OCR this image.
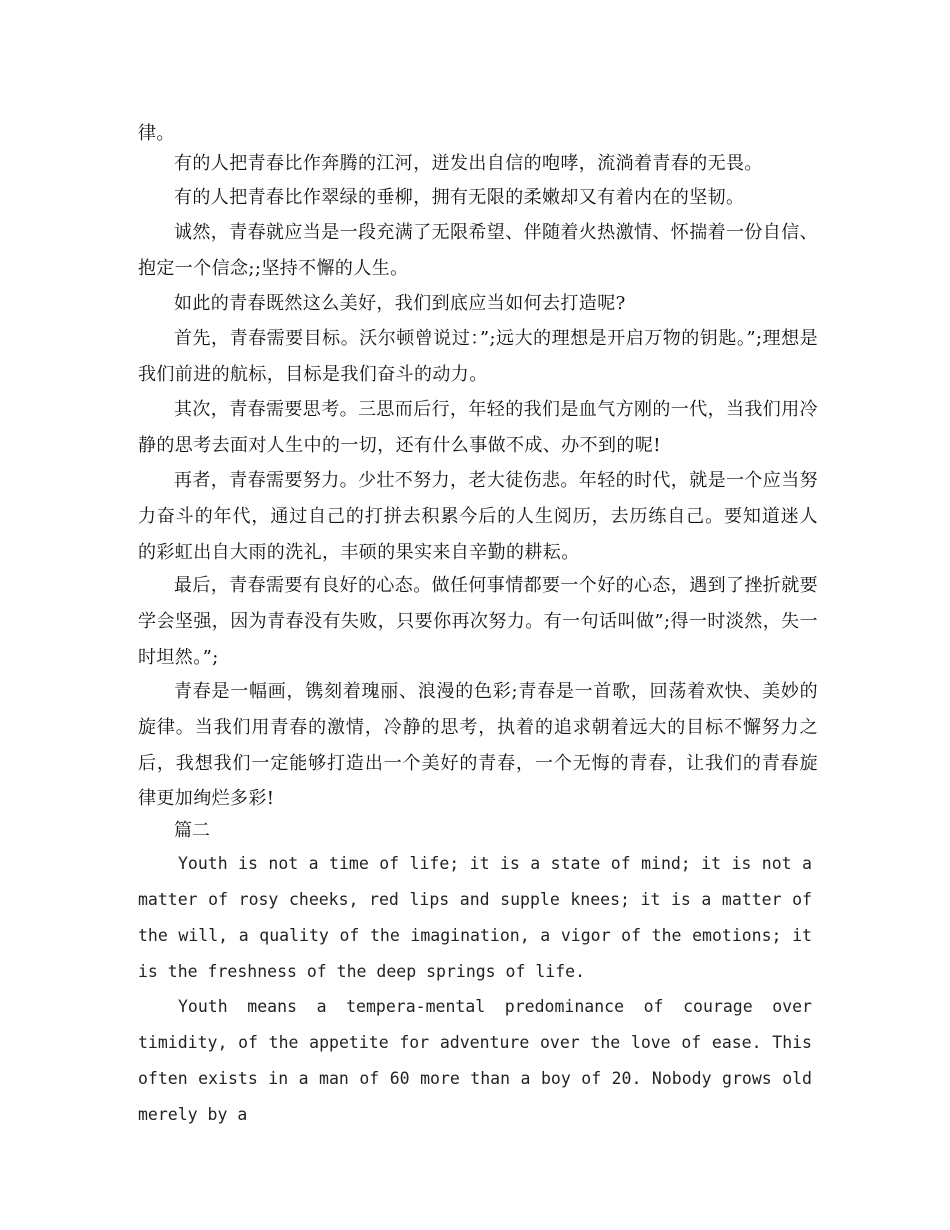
律。

有的人把青春比作奔腾的江河，迸发出自信的咆哮，流淌着青春的无畏。

有的人把青春比作翠绿的垂柳，拥有无限的柔嫩却又有着内在的坚韧。

诚然，青春就应当是一段充满了无限希望、伴随着火热激情、怀揣着一份自信、抱定一个信念;;坚持不懈的人生。

如此的青春既然这么美好，我们到底应当如何去打造呢?

首先，青春需要目标。沃尔顿曾说过：”;远大的理想是开启万物的钥匙。”;理想是我们前进的航标，目标是我们奋斗的动力。

其次，青春需要思考。三思而后行，年轻的我们是血气方刚的一代，当我们用冷静的思考去面对人生中的一切，还有什么事做不成、办不到的呢!

再者，青春需要努力。少壮不努力，老大徒伤悲。年轻的时代，就是一个应当努力奋斗的年代，通过自己的打拼去积累今后的人生阅历，去历练自己。要知道迷人的彩虹出自大雨的洗礼，丰硕的果实来自辛勤的耕耘。

最后，青春需要有良好的心态。做任何事情都要一个好的心态，遇到了挫折就要学会坚强，因为青春没有失败，只要你再次努力。有一句话叫做”;得一时淡然，失一时坦然。”;

青春是一幅画，镌刻着瑰丽、浪漫的色彩;青春是一首歌，回荡着欢快、美妙的旋律。当我们用青春的激情，冷静的思考，执着的追求朝着远大的目标不懈努力之后，我想我们一定能够打造出一个美好的青春，一个无悔的青春，让我们的青春旋律更加绚烂多彩!

篇二

Youth is not a time of life; it is a state of mind; it is not a matter of rosy cheeks, red lips and supple knees; it is a matter of the will, a quality of the imagination, a vigor of the emotions; it is the freshness of the deep springs of life.

Youth means a tempera-mental predominance of courage over timidity, of the appetite for adventure over the love of ease. This often exists in a man of 60 more than a boy of 20. Nobody grows old merely by a
